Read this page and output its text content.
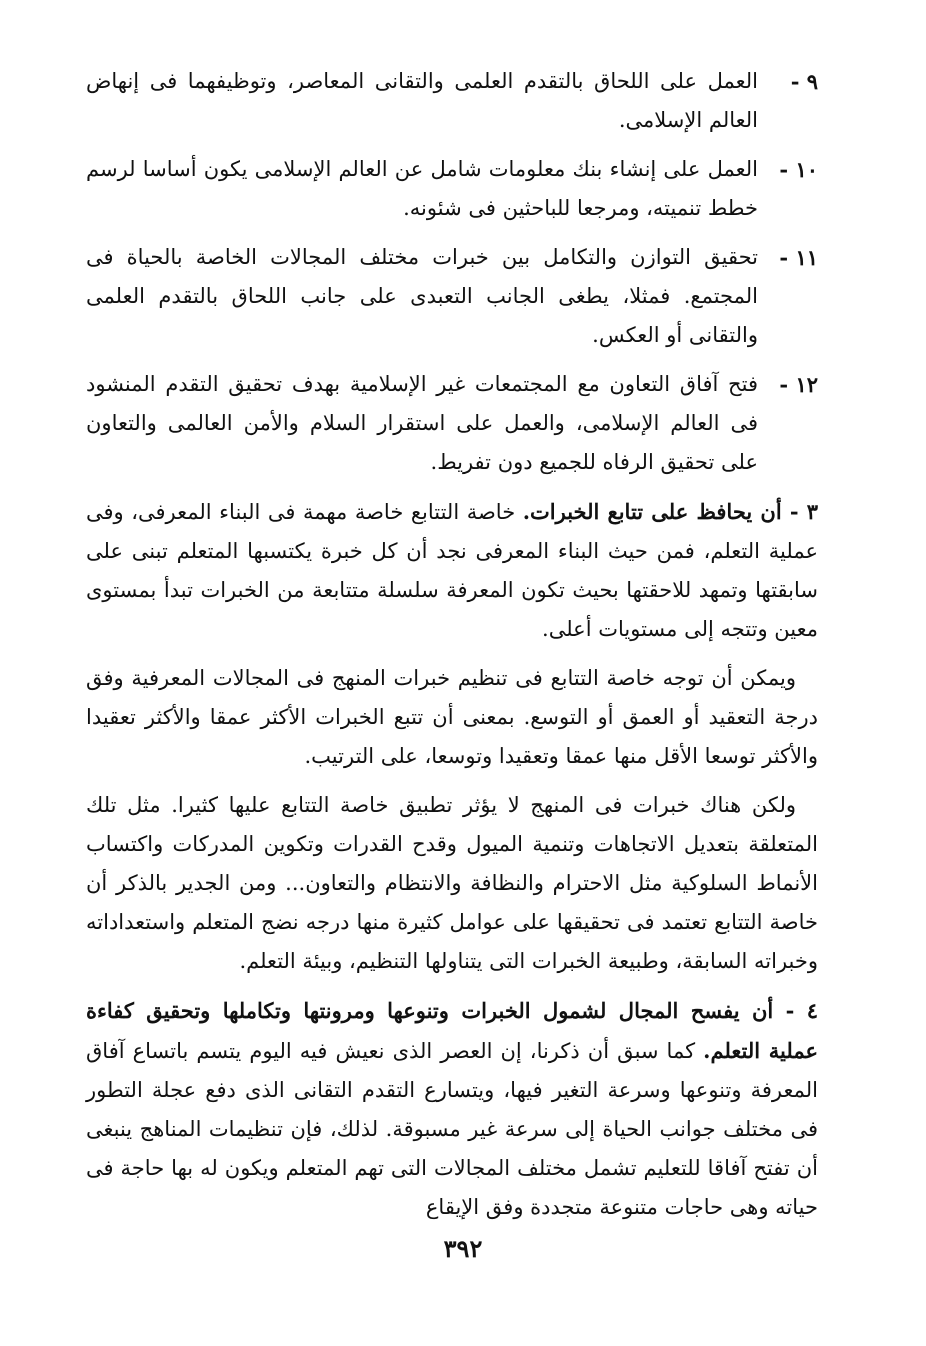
٩ -
العمل على اللحاق بالتقدم العلمى والتقانى المعاصر، وتوظيفهما فى إنهاض العالم الإسلامى.
١٠ -
العمل على إنشاء بنك معلومات شامل عن العالم الإسلامى يكون أساسا لرسم خطط تنميته، ومرجعا للباحثين فى شئونه.
١١ -
تحقيق التوازن والتكامل بين خبرات مختلف المجالات الخاصة بالحياة فى المجتمع. فمثلا، يطغى الجانب التعبدى على جانب اللحاق بالتقدم العلمى والتقانى أو العكس.
١٢ -
فتح آفاق التعاون مع المجتمعات غير الإسلامية بهدف تحقيق التقدم المنشود فى العالم الإسلامى، والعمل على استقرار السلام والأمن العالمى والتعاون على تحقيق الرفاه للجميع دون تفريط.

٣ - أن يحافظ على تتابع الخبرات. خاصة التتابع خاصة مهمة فى البناء المعرفى، وفى عملية التعلم، فمن حيث البناء المعرفى نجد أن كل خبرة يكتسبها المتعلم تبنى على سابقتها وتمهد للاحقتها بحيث تكون المعرفة سلسلة متتابعة من الخبرات تبدأ بمستوى معين وتتجه إلى مستويات أعلى.

ويمكن أن توجه خاصة التتابع فى تنظيم خبرات المنهج فى المجالات المعرفية وفق درجة التعقيد أو العمق أو التوسع. بمعنى أن تتبع الخبرات الأكثر عمقا والأكثر تعقيدا والأكثر توسعا الأقل منها عمقا وتعقيدا وتوسعا، على الترتيب.

ولكن هناك خبرات فى المنهج لا يؤثر تطبيق خاصة التتابع عليها كثيرا. مثل تلك المتعلقة بتعديل الاتجاهات وتنمية الميول وقدح القدرات وتكوين المدركات واكتساب الأنماط السلوكية مثل الاحترام والنظافة والانتظام والتعاون... ومن الجدير بالذكر أن خاصة التتابع تعتمد فى تحقيقها على عوامل كثيرة منها درجه نضج المتعلم واستعداداته وخبراته السابقة، وطبيعة الخبرات التى يتناولها التنظيم، وبيئة التعلم.

٤ - أن يفسح المجال لشمول الخبرات وتنوعها ومرونتها وتكاملها وتحقيق كفاءة عملية التعلم. كما سبق أن ذكرنا، إن العصر الذى نعيش فيه اليوم يتسم باتساع آفاق المعرفة وتنوعها وسرعة التغير فيها، ويتسارع التقدم التقانى الذى دفع عجلة التطور فى مختلف جوانب الحياة إلى سرعة غير مسبوقة. لذلك، فإن تنظيمات المناهج ينبغى أن تفتح آفاقا للتعليم تشمل مختلف المجالات التى تهم المتعلم ويكون له بها حاجة فى حياته وهى حاجات متنوعة متجددة وفق الإيقاع

٣٩٢
